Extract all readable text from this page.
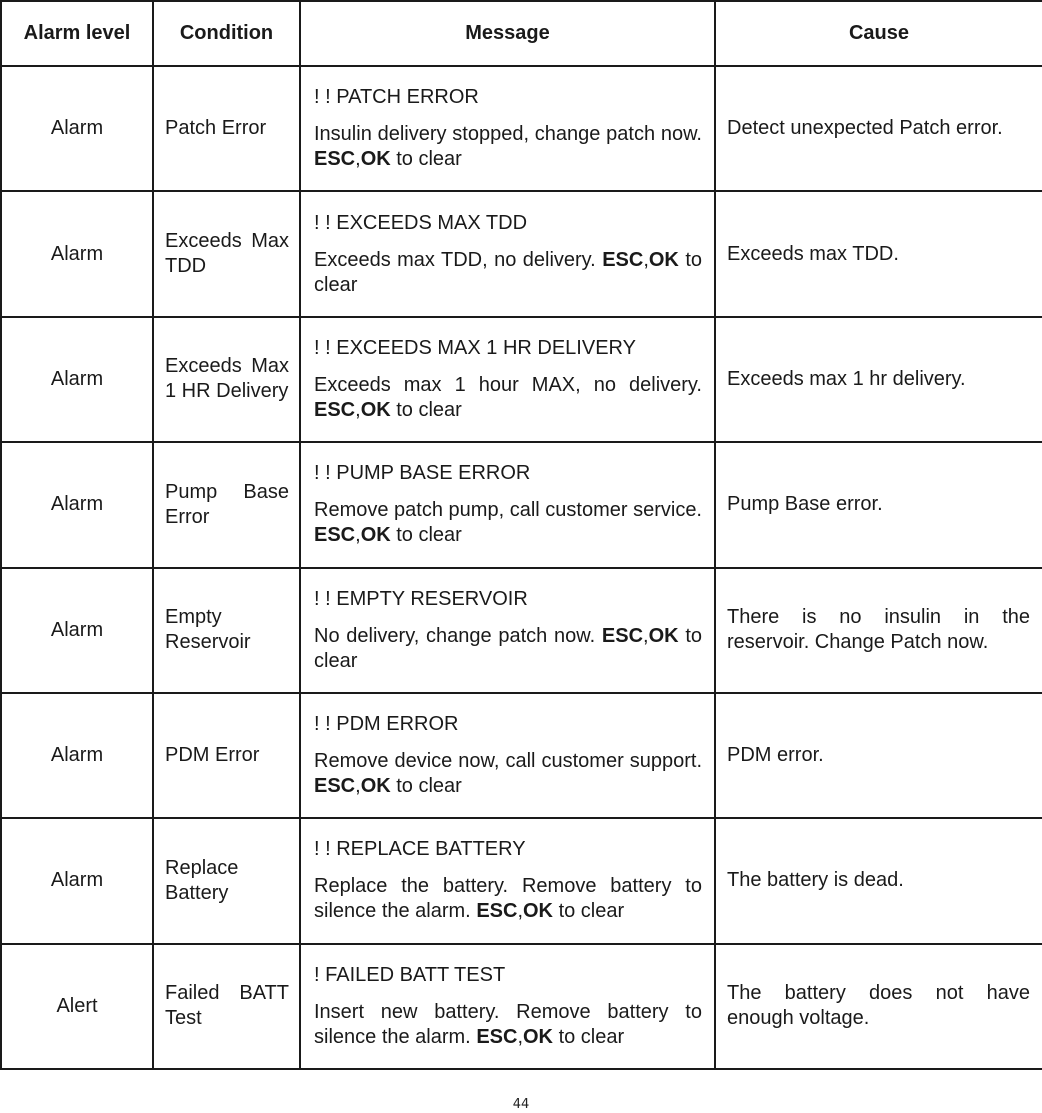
Alarm level	Condition	Message	Cause
Alarm	Patch Error	! ! PATCH ERROR
Insulin delivery stopped, change patch now. ESC,OK to clear	Detect unexpected Patch error.
Alarm	Exceeds Max TDD	! ! EXCEEDS MAX TDD
Exceeds max TDD, no delivery. ESC,OK to clear	Exceeds max TDD.
Alarm	Exceeds Max 1 HR Delivery	! ! EXCEEDS MAX 1 HR DELIVERY
Exceeds max 1 hour MAX, no delivery. ESC,OK to clear	Exceeds max 1 hr delivery.
Alarm	Pump Base Error	! ! PUMP BASE ERROR
Remove patch pump, call customer service. ESC,OK to clear	Pump Base error.
Alarm	Empty Reservoir	! ! EMPTY RESERVOIR
No delivery, change patch now. ESC,OK to clear	There is no insulin in the reservoir. Change Patch now.
Alarm	PDM Error	! ! PDM ERROR
Remove device now, call customer support. ESC,OK to clear	PDM error.
Alarm	Replace Battery	! ! REPLACE BATTERY
Replace the battery. Remove battery to silence the alarm. ESC,OK to clear	The battery is dead.
Alert	Failed BATT Test	! FAILED BATT TEST
Insert new battery. Remove battery to silence the alarm. ESC,OK to clear	The battery does not have enough voltage.
44
